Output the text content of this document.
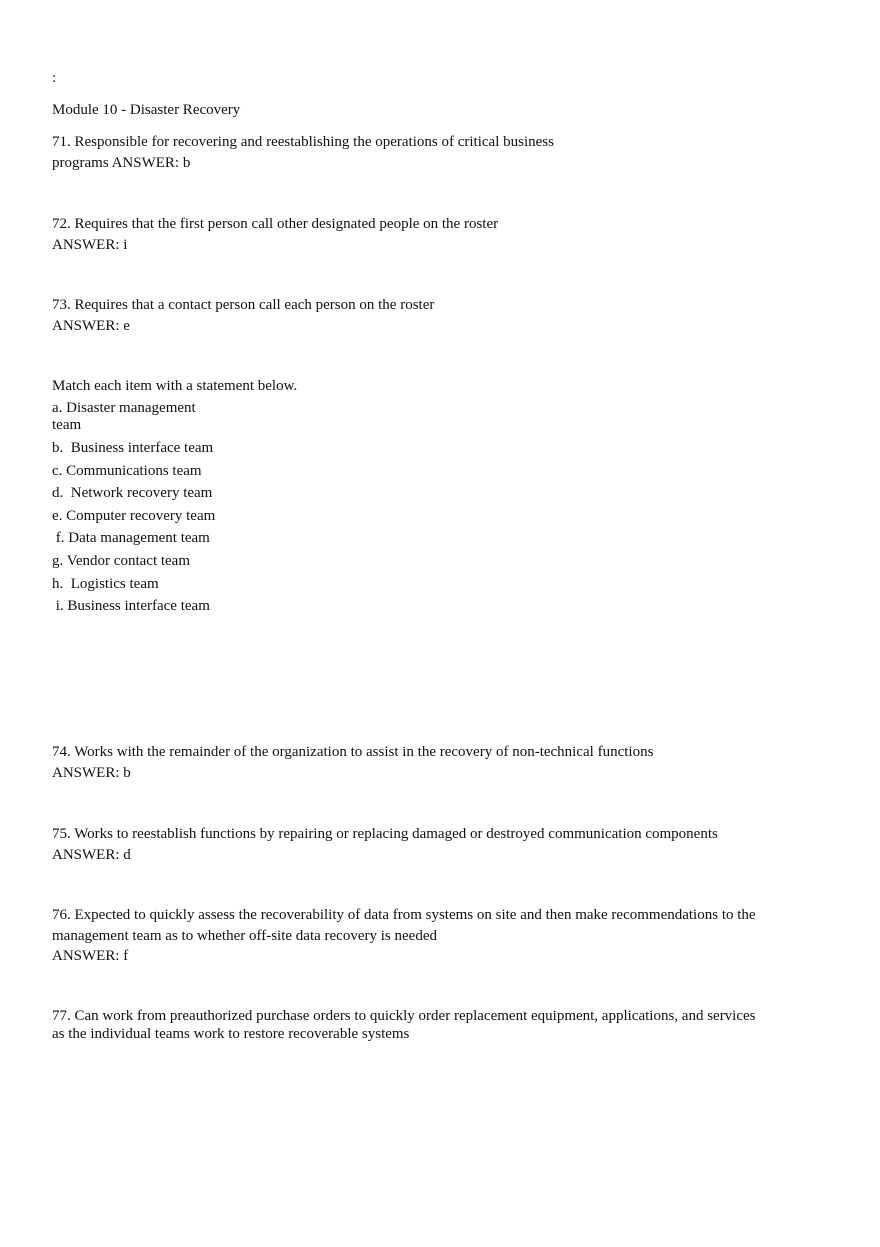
:
Module 10 - Disaster Recovery
71. Responsible for recovering and reestablishing the operations of critical business
programs ANSWER: b
72. Requires that the first person call other designated people on the roster
ANSWER: i
73. Requires that a contact person call each person on the roster
ANSWER: e
Match each item with a statement below.
a. Disaster management
team
b.  Business interface team
c. Communications team
d.  Network recovery team
e. Computer recovery team
f. Data management team
g. Vendor contact team
h.  Logistics team
i. Business interface team
74. Works with the remainder of the organization to assist in the recovery of non-technical functions
ANSWER: b
75. Works to reestablish functions by repairing or replacing damaged or destroyed communication components
ANSWER: d
76. Expected to quickly assess the recoverability of data from systems on site and then make recommendations to the
management team as to whether off-site data recovery is needed
ANSWER: f
77. Can work from preauthorized purchase orders to quickly order replacement equipment, applications, and services
as the individual teams work to restore recoverable systems
